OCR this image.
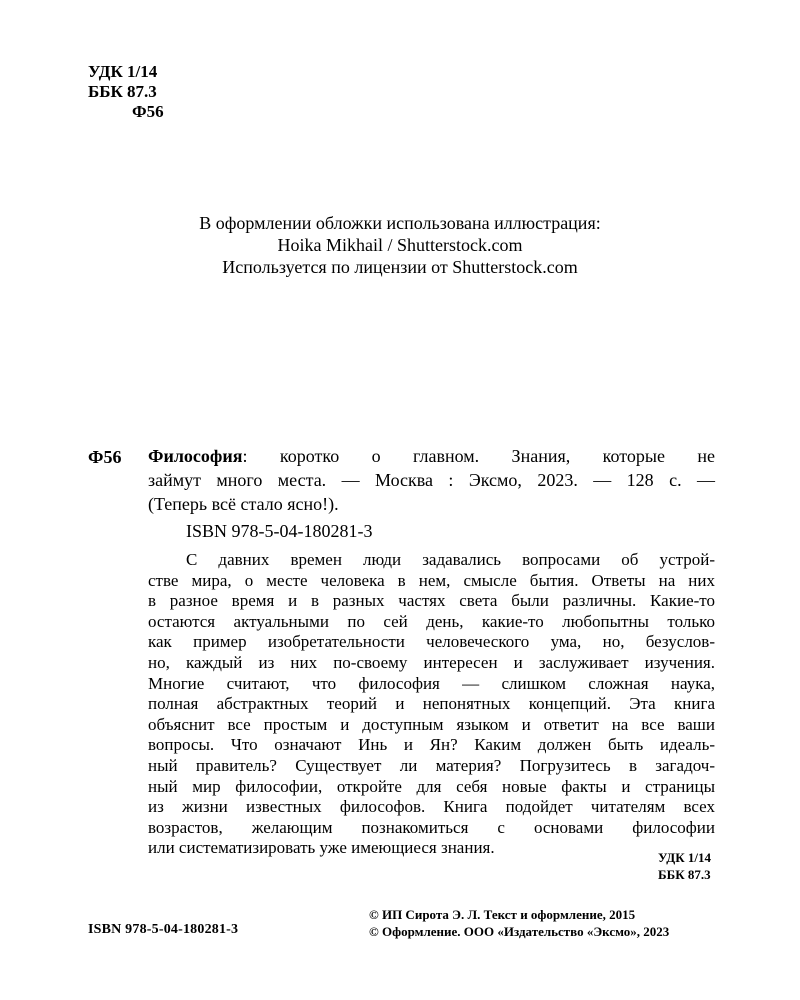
УДК 1/14
ББК 87.3
Ф56
В оформлении обложки использована иллюстрация:
Hoika Mikhail / Shutterstock.com
Используется по лицензии от Shutterstock.com
Ф56 Философия: коротко о главном. Знания, которые не
займут много места. — Москва : Эксмо, 2023. — 128 с. —
(Теперь всё стало ясно!).
ISBN 978-5-04-180281-3
С давних времен люди задавались вопросами об устрой-
стве мира, о месте человека в нем, смысле бытия. Ответы на них
в разное время и в разных частях света были различны. Какие-то
остаются актуальными по сей день, какие-то любопытны только
как пример изобретательности человеческого ума, но, безуслов-
но, каждый из них по-своему интересен и заслуживает изучения.
Многие считают, что философия — слишком сложная наука,
полная абстрактных теорий и непонятных концепций. Эта книга
объяснит все простым и доступным языком и ответит на все ваши
вопросы. Что означают Инь и Ян? Каким должен быть идеаль-
ный правитель? Существует ли материя? Погрузитесь в загадоч-
ный мир философии, откройте для себя новые факты и страницы
из жизни известных философов. Книга подойдет читателям всех
возрастов, желающим познакомиться с основами философии
или систематизировать уже имеющиеся знания.
УДК 1/14
ББК 87.3
ISBN 978-5-04-180281-3
© ИП Сирота Э. Л. Текст и оформление, 2015
© Оформление. ООО «Издательство «Эксмо», 2023
